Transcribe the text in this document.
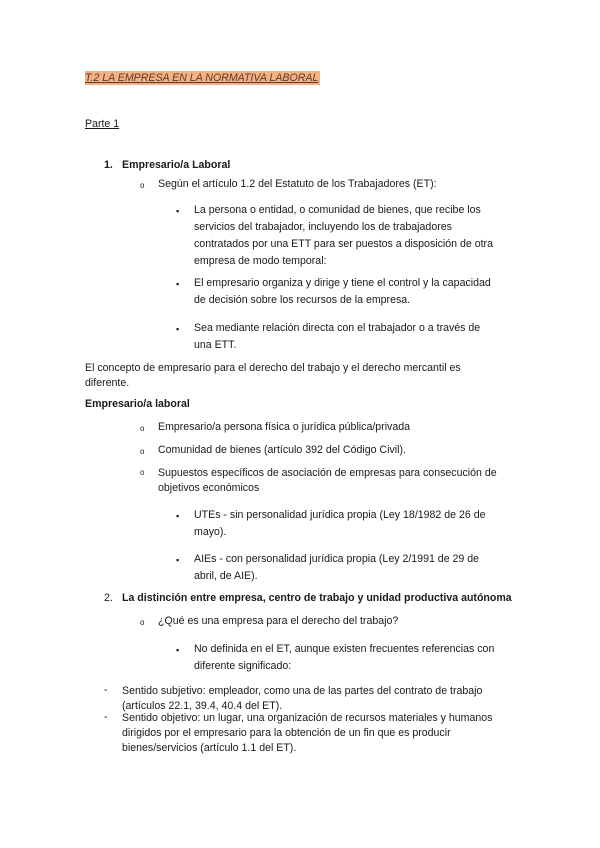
T.2 LA EMPRESA EN LA NORMATIVA LABORAL
Parte 1
1. Empresario/a Laboral
o Según el artículo 1.2 del Estatuto de los Trabajadores (ET):
▪ La persona o entidad, o comunidad de bienes, que recibe los
servicios del trabajador, incluyendo los de trabajadores
contratados por una ETT para ser puestos a disposición de otra
empresa de modo temporal:
▪ El empresario organiza y dirige y tiene el control y la capacidad
de decisión sobre los recursos de la empresa.
▪ Sea mediante relación directa con el trabajador o a través de
una ETT.
El concepto de empresario para el derecho del trabajo y el derecho mercantil es
diferente.
Empresario/a laboral
o Empresario/a persona física o jurídica pública/privada
o Comunidad de bienes (artículo 392 del Código Civil).
o Supuestos específicos de asociación de empresas para consecución de
objetivos económicos
▪ UTEs - sin personalidad jurídica propia (Ley 18/1982 de 26 de
mayo).
▪ AIEs - con personalidad jurídica propia (Ley 2/1991 de 29 de
abril, de AIE).
2. La distinción entre empresa, centro de trabajo y unidad productiva autónoma
o ¿Qué es una empresa para el derecho del trabajo?
▪ No definida en el ET, aunque existen frecuentes referencias con
diferente significado:
- Sentido subjetivo: empleador, como una de las partes del contrato de trabajo
(artículos 22.1, 39.4, 40.4 del ET).
- Sentido objetivo: un lugar, una organización de recursos materiales y humanos
dirigidos por el empresario para la obtención de un fin que es producir
bienes/servicios (artículo 1.1 del ET).
